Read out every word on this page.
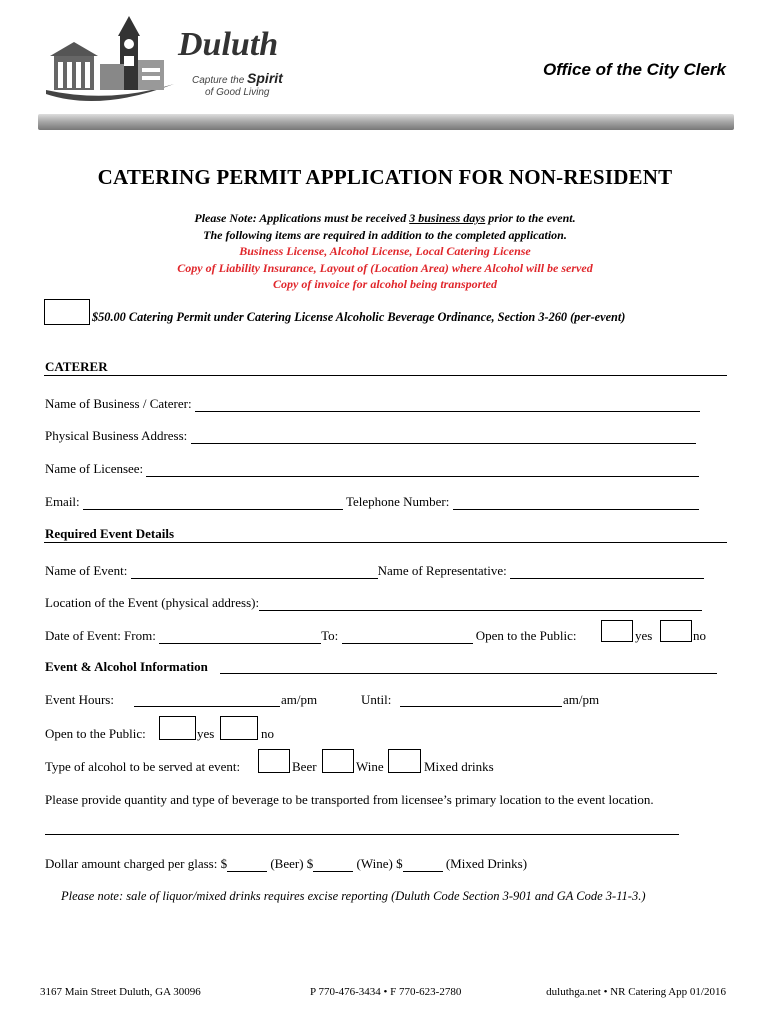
Duluth
Capture the Spirit
of Good Living
Office of the City Clerk
CATERING PERMIT APPLICATION FOR NON-RESIDENT
Please Note: Applications must be received 3 business days prior to the event.
The following items are required in addition to the completed application.
Business License, Alcohol License, Local Catering License
Copy of Liability Insurance, Layout of (Location Area) where Alcohol will be served
Copy of invoice for alcohol being transported
$50.00 Catering Permit under Catering License Alcoholic Beverage Ordinance, Section 3-260 (per-event)
CATERER
Name of Business / Caterer:
Physical Business Address:
Name of Licensee:
Email:	Telephone Number:
Required Event Details
Name of Event:	Name of Representative:
Location of the Event (physical address):
Date of Event: From:	To:	Open to the Public:	yes	no
Event & Alcohol Information
Event Hours:	am/pm	Until:	am/pm
Open to the Public:	yes	no
Type of alcohol to be served at event:	Beer	Wine	Mixed drinks
Please provide quantity and type of beverage to be transported from licensee’s primary location to the event location.
Dollar amount charged per glass: $	(Beer) $	(Wine) $	(Mixed Drinks)
Please note: sale of liquor/mixed drinks requires excise reporting (Duluth Code Section 3-901 and GA Code 3-11-3.)
3167 Main Street Duluth, GA 30096	P 770-476-3434 • F 770-623-2780	duluthga.net • NR Catering App 01/2016
